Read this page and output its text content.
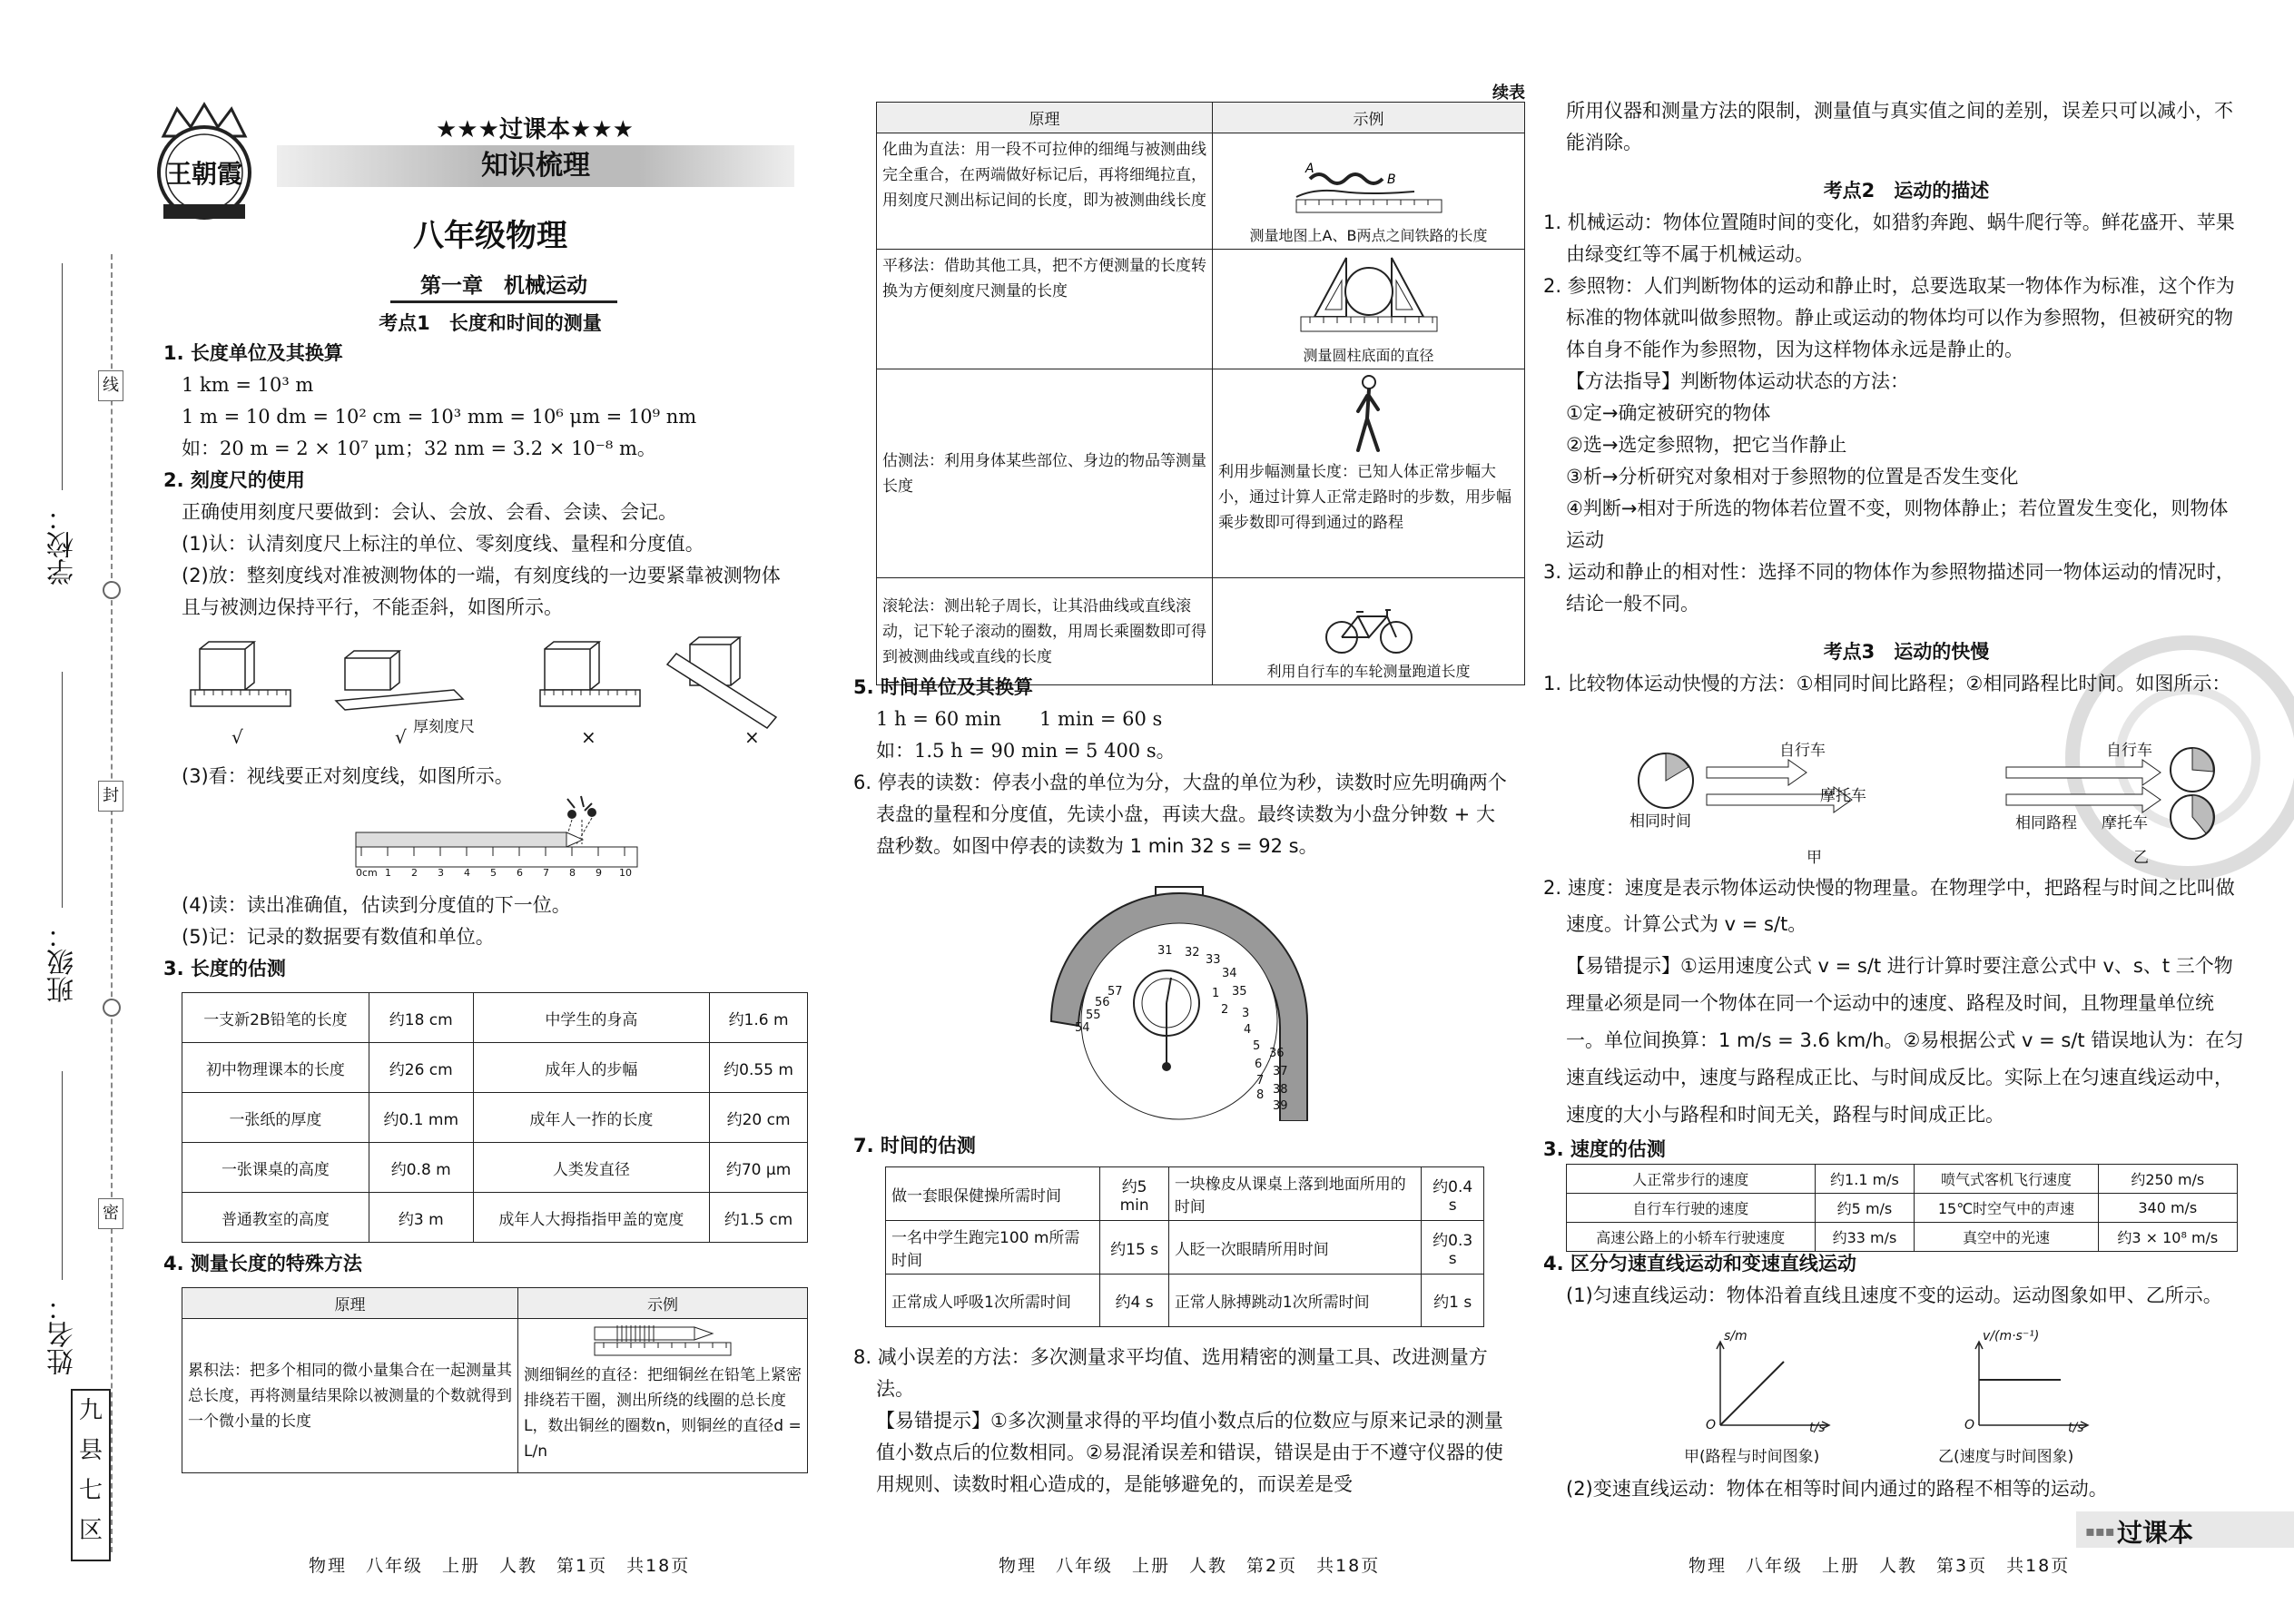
线
封
密
学校：
班级：
姓名：
九
县
七
区
王朝霞
★★★过课本★★★
知识梳理
八年级物理
第一章　机械运动
考点1　长度和时间的测量
1. 长度单位及其换算
1 km = 10³ m
1 m = 10 dm = 10² cm = 10³ mm = 10⁶ μm = 10⁹ nm
如：20 m = 2 × 10⁷ μm；32 nm = 3.2 × 10⁻⁸ m。
2. 刻度尺的使用
正确使用刻度尺要做到：会认、会放、会看、会读、会记。
(1)认：认清刻度尺上标注的单位、零刻度线、量程和分度值。
(2)放：整刻度线对准被测物体的一端，有刻度线的一边要紧靠被测物体且与被测边保持平行，不能歪斜，如图所示。
厚刻度尺
√	√	×	×
(3)看：视线要正对刻度线，如图所示。
0cm 1 2 3 4 5 6 7 8 9 10
(4)读：读出准确值，估读到分度值的下一位。
(5)记：记录的数据要有数值和单位。
3. 长度的估测
一支新2B铅笔的长度	约18 cm	中学生的身高	约1.6 m
初中物理课本的长度	约26 cm	成年人的步幅	约0.55 m
一张纸的厚度	约0.1 mm	成年人一拃的长度	约20 cm
一张课桌的高度	约0.8 m	人类发直径	约70 μm
普通教室的高度	约3 m	成年人大拇指指甲盖的宽度	约1.5 cm
4. 测量长度的特殊方法
原理	示例
累积法：把多个相同的微小量集合在一起测量其总长度，再将测量结果除以被测量的个数就得到一个微小量的长度	测细铜丝的直径：把细铜丝在铅笔上紧密排绕若干圈，测出所绕的线圈的总长度L，数出铜丝的圈数n，则铜丝的直径d = L/n
物理　八年级　上册　人教　第1页　共18页
续表
原理	示例
化曲为直法：用一段不可拉伸的细绳与被测曲线完全重合，在两端做好标记后，再将细绳拉直，用刻度尺测出标记间的长度，即为被测曲线长度	A
B
测量地图上A、B两点之间铁路的长度

平移法：借助其他工具，把不方便测量的长度转换为方便刻度尺测量的长度	测量圆柱底面的直径

估测法：利用身体某些部位、身边的物品等测量长度	利用步幅测量长度：已知人体正常步幅大小，通过计算人正常走路时的步数，用步幅乘步数即可得到通过的路程

滚轮法：测出轮子周长，让其沿曲线或直线滚动，记下轮子滚动的圈数，用周长乘圈数即可得到被测曲线或直线的长度	利用自行车的车轮测量跑道长度
5. 时间单位及其换算
1 h = 60 min 1 min = 60 s
如：1.5 h = 90 min = 5 400 s。
6. 停表的读数：停表小盘的单位为分，大盘的单位为秒，读数时应先明确两个表盘的量程和分度值，先读小盘，再读大盘。最终读数为小盘分钟数 + 大盘秒数。如图中停表的读数为 1 min 32 s = 92 s。
31 32
33
34
35
1
2 3
4
5
6
7
8
36
37
38
39
57
56
55
54
7. 时间的估测
做一套眼保健操所需时间	约5 min	一块橡皮从课桌上落到地面所用的时间	约0.4 s
一名中学生跑完100 m所需时间	约15 s	人眨一次眼睛所用时间	约0.3 s
正常成人呼吸1次所需时间	约4 s	正常人脉搏跳动1次所需时间	约1 s
8. 减小误差的方法：多次测量求平均值、选用精密的测量工具、改进测量方法。
【易错提示】①多次测量求得的平均值小数点后的位数应与原来记录的测量值小数点后的位数相同。②易混淆误差和错误，错误是由于不遵守仪器的使用规则、读数时粗心造成的，是能够避免的，而误差是受
物理　八年级　上册　人教　第2页　共18页
所用仪器和测量方法的限制，测量值与真实值之间的差别，误差只可以减小，不能消除。
考点2　运动的描述
1. 机械运动：物体位置随时间的变化，如猎豹奔跑、蜗牛爬行等。鲜花盛开、苹果由绿变红等不属于机械运动。
2. 参照物：人们判断物体的运动和静止时，总要选取某一物体作为标准，这个作为标准的物体就叫做参照物。静止或运动的物体均可以作为参照物，但被研究的物体自身不能作为参照物，因为这样物体永远是静止的。
【方法指导】判断物体运动状态的方法：
①定→确定被研究的物体
②选→选定参照物，把它当作静止
③析→分析研究对象相对于参照物的位置是否发生变化
④判断→相对于所选的物体若位置不变，则物体静止；若位置发生变化，则物体运动
3. 运动和静止的相对性：选择不同的物体作为参照物描述同一物体运动的情况时，结论一般不同。
考点3　运动的快慢
1. 比较物体运动快慢的方法：①相同时间比路程；②相同路程比时间。如图所示：
自行车
摩托车
相同时间
自行车
相同路程 摩托车
甲	乙
2. 速度：速度是表示物体运动快慢的物理量。在物理学中，把路程与时间之比叫做速度。计算公式为 v = s/t。
【易错提示】①运用速度公式 v = s/t 进行计算时要注意公式中 v、s、t 三个物理量必须是同一个物体在同一个运动中的速度、路程及时间，且物理量单位统一。单位间换算：1 m/s = 3.6 km/h。②易根据公式 v = s/t 错误地认为：在匀速直线运动中，速度与路程成正比、与时间成反比。实际上在匀速直线运动中，速度的大小与路程和时间无关，路程与时间成正比。
3. 速度的估测
人正常步行的速度	约1.1 m/s	喷气式客机飞行速度	约250 m/s
自行车行驶的速度	约5 m/s	15℃时空气中的声速	340 m/s
高速公路上的小轿车行驶速度	约33 m/s	真空中的光速	约3 × 10⁸ m/s
4. 区分匀速直线运动和变速直线运动
(1)匀速直线运动：物体沿着直线且速度不变的运动。运动图象如甲、乙所示。
s/m
t/s
O
v/(m·s⁻¹)
t/s
O
甲(路程与时间图象)	乙(速度与时间图象)
(2)变速直线运动：物体在相等时间内通过的路程不相等的运动。
物理　八年级　上册　人教　第3页　共18页
▪▪▪ 过课本
